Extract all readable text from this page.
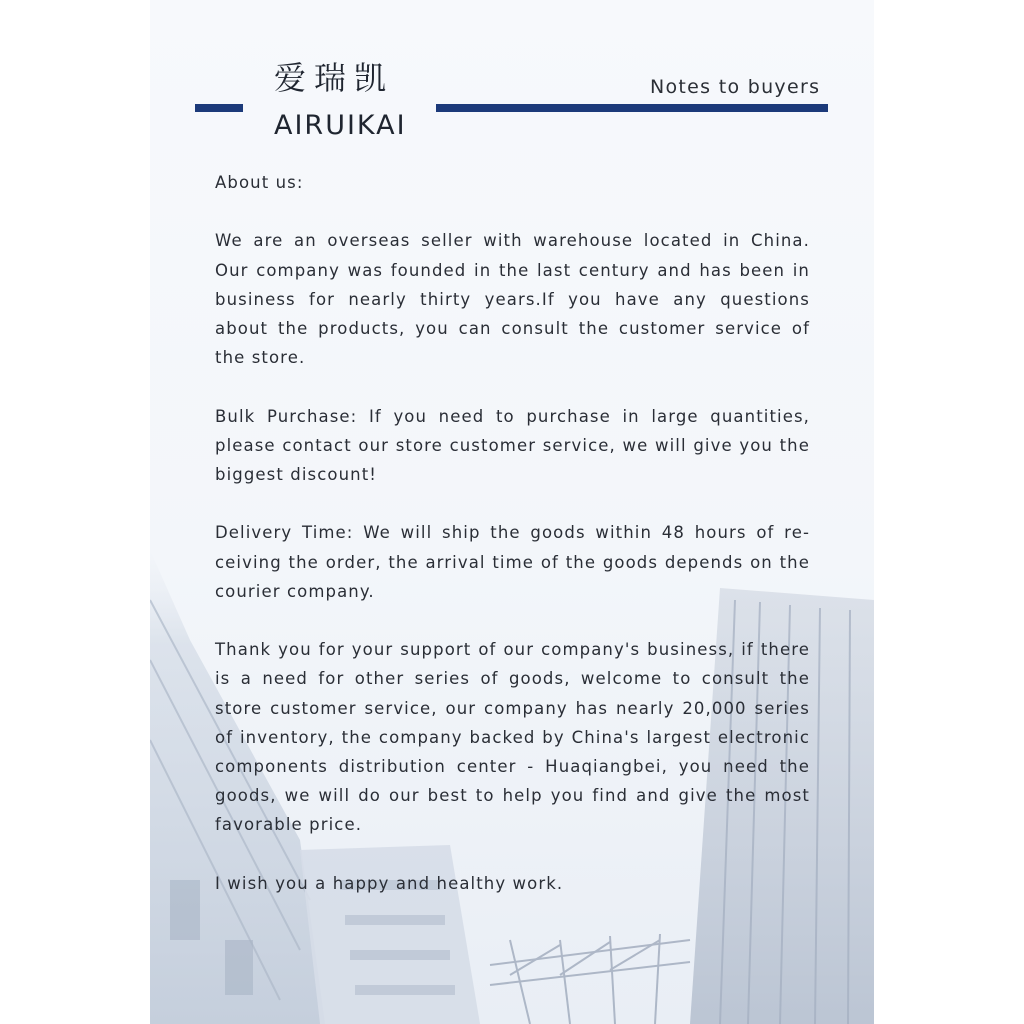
爱瑞凯
AIRUIKAI
Notes to buyers

About us:

We are an overseas seller with warehouse located in China. Our company was founded in the last century and has been in business for nearly thirty years.If you have any questions about the products, you can consult the customer service of the store.

Bulk Purchase: If you need to purchase in large quantities, please contact our store customer service, we will give you the biggest discount!

Delivery Time: We will ship the goods within 48 hours of re-ceiving the order, the arrival time of the goods depends on the courier company.

Thank you for your support of our company's business, if there is a need for other series of goods, welcome to consult the store customer service, our company has nearly 20,000 series of inventory, the company backed by China's largest electronic components distribution center - Huaqiangbei, you need the goods, we will do our best to help you find and give the most favorable price.

I wish you a happy and healthy work.
